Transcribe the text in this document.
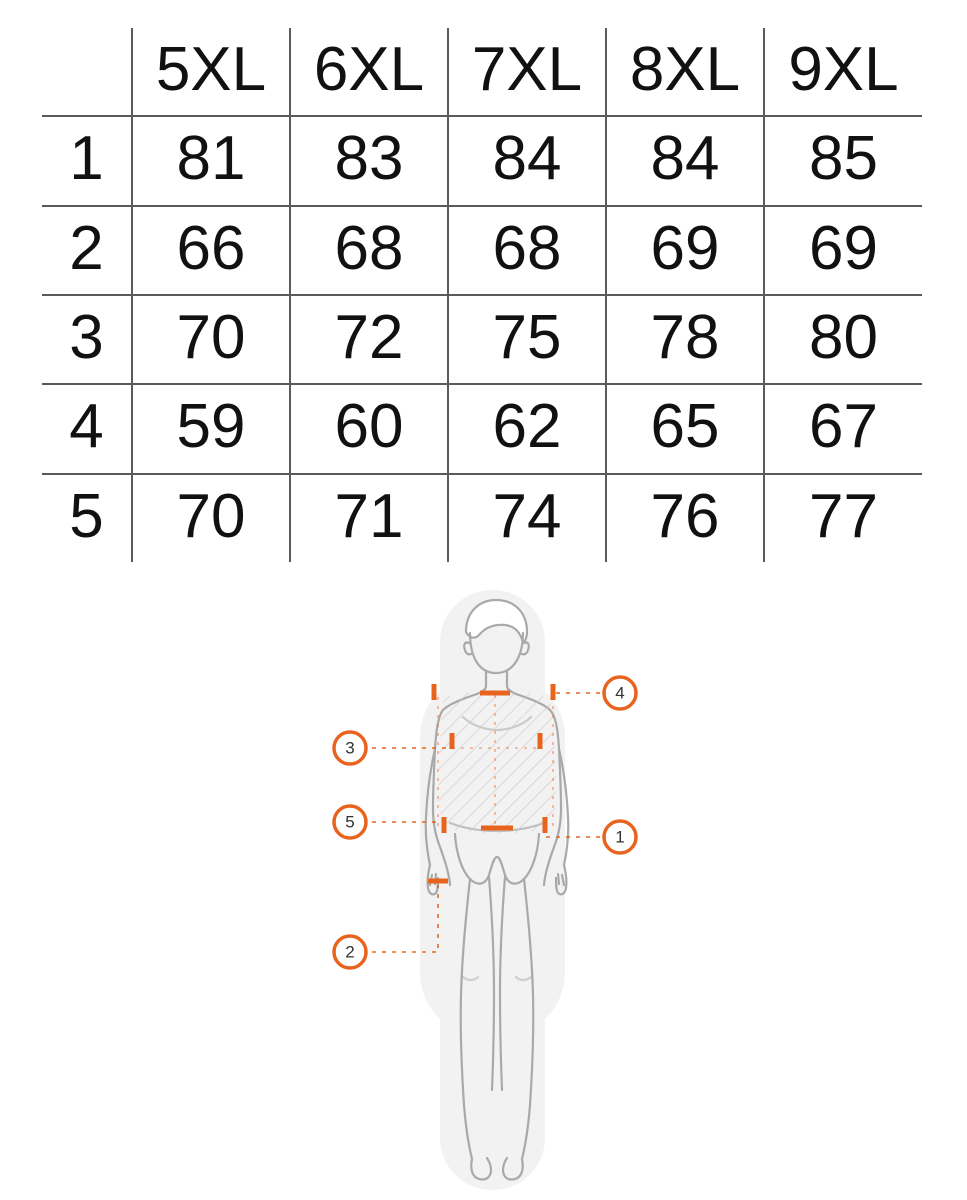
	5XL	6XL	7XL	8XL	9XL
1	81	83	84	84	85
2	66	68	68	69	69
3	70	72	75	78	80
4	59	60	62	65	67
5	70	71	74	76	77
4
3
5
1
2
